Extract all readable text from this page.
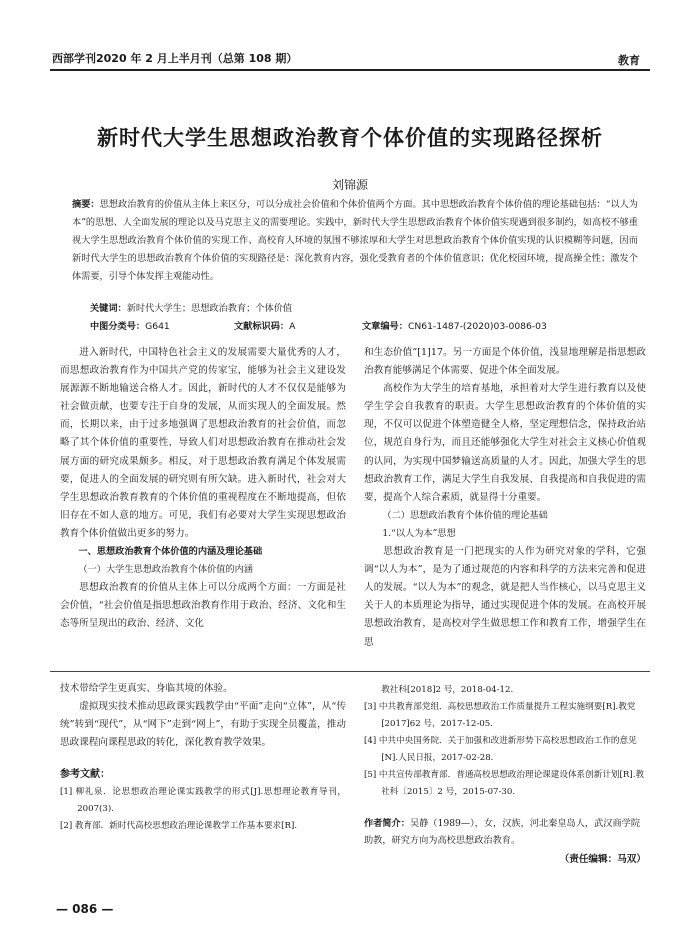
西部学刊2020 年 2 月上半月刊（总第 108 期）	教育
新时代大学生思想政治教育个体价值的实现路径探析
刘锦源
摘要：思想政治教育的价值从主体上来区分，可以分成社会价值和个体价值两个方面。其中思想政治教育个体价值的理论基础包括：“以人为本”的思想、人全面发展的理论以及马克思主义的需要理论。实践中，新时代大学生思想政治教育个体价值实现遇到很多制约，如高校不够重视大学生思想政治教育个体价值的实现工作、高校育人环境的氛围不够浓厚和大学生对思想政治教育个体价值实现的认识模糊等问题，因而新时代大学生的思想政治教育个体价值的实现路径是：深化教育内容，强化受教育者的个体价值意识；优化校园环境，提高操全性；激发个体需要，引导个体发挥主观能动性。
关键词：新时代大学生；思想政治教育；个体价值
中图分类号：G641	文献标识码：A	文章编号：CN61-1487-(2020)03-0086-03

进入新时代，中国特色社会主义的发展需要大量优秀的人才，而思想政治教育作为中国共产党的传家宝，能够为社会主义建设发展源源不断地输送合格人才。因此，新时代的人才不仅仅是能够为社会做贡献，也要专注于自身的发展，从而实现人的全面发展。然而，长期以来，由于过多地强调了思想政治教育的社会价值，而忽略了其个体价值的重要性，导致人们对思想政治教育在推动社会发展方面的研究成果颇多。相反，对于思想政治教育满足个体发展需要，促进人的全面发展的研究则有所欠缺。进入新时代，社会对大学生思想政治教育教育的个体价值的重视程度在不断地提高，但依旧存在不如人意的地方。可见，我们有必要对大学生实现思想政治教育个体价值做出更多的努力。

一、思想政治教育个体价值的内涵及理论基础
（一）大学生思想政治教育个体价值的内涵

思想政治教育的价值从主体上可以分成两个方面：一方面是社会价值，“社会价值是指思想政治教育作用于政治、经济、文化和生态等所呈现出的政治、经济、文化

和生态价值”[1]17。另一方面是个体价值，浅显地理解是指思想政治教育能够满足个体需要、促进个体全面发展。

高校作为大学生的培育基地，承担着对大学生进行教育以及使学生学会自我教育的职责。大学生思想政治教育的个体价值的实现，不仅可以促进个体塑造健全人格，坚定理想信念，保持政治站位，规范自身行为，而且还能够强化大学生对社会主义核心价值观的认同，为实现中国梦输送高质量的人才。因此，加强大学生的思想政治教育工作，满足大学生自我发展、自我提高和自我促进的需要，提高个人综合素质，就显得十分重要。

（二）思想政治教育个体价值的理论基础
1.“以人为本”思想

思想政治教育是一门把现实的人作为研究对象的学科，它强调“以人为本”，是为了通过规范的内容和科学的方法来完善和促进人的发展。“以人为本”的观念，就是把人当作核心，以马克思主义关于人的本质理论为指导，通过实现促进个体的发展。在高校开展思想政治教育，是高校对学生做思想工作和教育工作，增强学生在思

技术带给学生更真实、身临其境的体验。

虚拟现实技术推动思政课实践教学由“平面”走向“立体”，从“传统”转到“现代”，从“网下”走到“网上”，有助于实现全员覆盖，推动思政课程向课程思政的转化，深化教育教学效果。

参考文献：
[1] 柳礼泉．论思想政治理论课实践教学的形式[J].思想理论教育导刊，2007(3).
[2] 教育部．新时代高校思想政治理论课教学工作基本要求[R].
教社科[2018]2 号，2018-04-12.
[3] 中共教育部党组．高校思想政治工作质量提升工程实施纲要[R].教党[2017]62 号，2017-12-05.
[4] 中共中央国务院．关于加强和改进新形势下高校思想政治工作的意见[N].人民日报，2017-02-28.
[5] 中共宣传部教育部．普通高校思想政治理论课建设体系创新计划[R].教社科〔2015〕2 号，2015-07-30.
作者简介：吴静（1989—），女，汉族，河北秦皇岛人，武汉商学院助教，研究方向为高校思想政治教育。
（责任编辑：马双）
— 086 —
